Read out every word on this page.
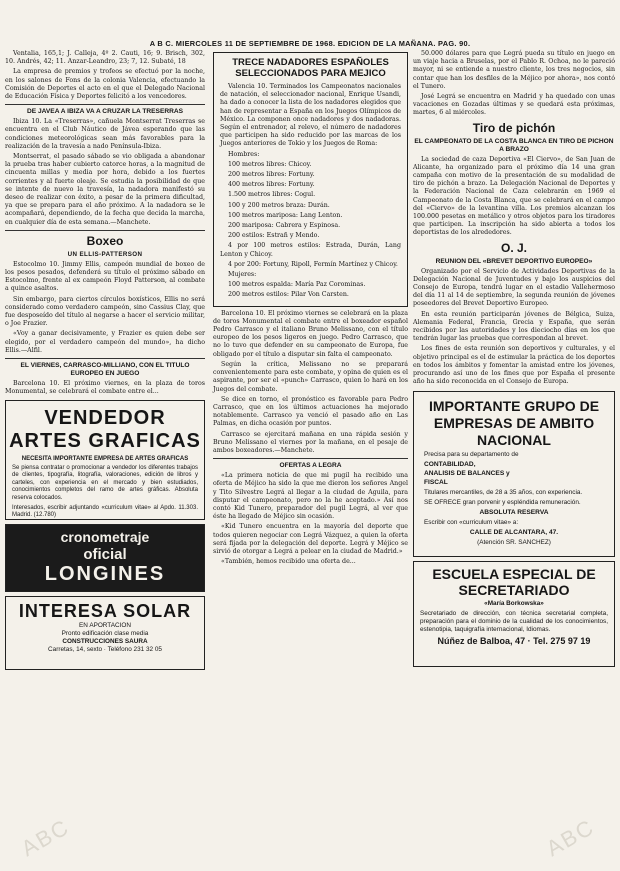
A B C. MIERCOLES 11 DE SEPTIEMBRE DE 1968. EDICION DE LA MAÑANA. PAG. 90.

Ventalia, 165,1; J. Calleja, 4º 2. Cauti, 16; 9. Brisch, 302, 10. Andrés, 42; 11. Anzar-Leandro, 23; 7, 12. Subaté, 18

La empresa de premios y trofeos se efectuó por la noche, en los salones de Fons de la colonia Valencia, efectuando la Comisión de Deportes el acto en el que el Delegado Nacional de Educación Física y Deportes felicitó a los vencedores.

DE JAVEA A IBIZA VA A CRUZAR LA TRESERRAS

Ibiza 10. La «Treserras», cañuela Montserrat Treserras se encuentra en el Club Náutico de Jávea esperando que las condiciones meteorológicas sean más favorables para la realización de la travesía a nado Península-Ibiza.

Montserrat, el pasado sábado se vio obligada a abandonar la prueba tras haber cubierto catorce horas, a la magnitud de cincuenta millas y media por hora, debido a los fuertes corrientes y al fuerte oleaje. Se estudia la posibilidad de que se intente de nuevo la travesía, la nadadora manifestó su deseo de realizar con éxito, a pesar de la primera dificultad, ya que se prepara para el año próximo. A la nadadora se le acompañará, dependiendo, de la fecha que decida la marcha, en cualquier día de esta semana.—Manchete.

Boxeo
UN ELLIS-PATTERSON

Estocolmo 10. Jimmy Ellis, campeón mundial de boxeo de los pesos pesados, defenderá su título el próximo sábado en Estocolmo, frente al ex campeón Floyd Patterson, al combate a quince asaltos.

Sin embargo, para ciertos círculos boxísticos, Ellis no será considerado como verdadero campeón, sino Cassius Clay, que fue desposeído del título al negarse a hacer el servicio militar, o Joe Frazier.

«Voy a ganar decisivamente, y Frazier es quien debe ser elegido, por el verdadero campeón del mundo», ha dicho Ellis.—Alfil.

EL VIERNES, CARRASCO-MILLIANO, CON EL TITULO EUROPEO EN JUEGO

Barcelona 10. El próximo viernes, en la plaza de toros Monumental, se celebrará el combate entre el...

VENDEDOR ARTES GRAFICAS
NECESITA IMPORTANTE EMPRESA DE ARTES GRAFICAS
Se piensa contratar o promocionar a vendedor los diferentes trabajos de clientes, tipografía, litografía, valoraciones, edición de libros y carteles, con experiencia en el mercado y bien estudiados, conocimientos completos del ramo de artes gráficas. Absoluta reserva colocados.
Interesados, escribir adjuntando «curriculum vitae» al Apdo. 11.303. Madrid. (12.780)
cronometraje
oficial
LONGINES
INTERESA SOLAR
EN APORTACION
Pronto edificación clase media
CONSTRUCCIONES SAURA
Carretas, 14, sexto · Teléfono 231 32 05
TRECE NADADORES ESPAÑOLES SELECCIONADOS PARA MEJICO

Valencia 10. Terminados los Campeonatos nacionales de natación, el seleccionador nacional, Enrique Usandi, ha dado a conocer la lista de los nadadores elegidos que han de representar a España en los Juegos Olímpicos de México. La componen once nadadores y dos nadadoras. Según el entrenador, al relevo, el número de nadadores que participen ha sido reducido por las marcas de los Juegos anteriores de Tokio y los Juegos de Roma:

Hombres:

100 metros libres: Chicoy.

200 metros libres: Fortuny.

400 metros libres: Fortuny.

1.500 metros libres: Cogul.

100 y 200 metros braza: Durán.

100 metros mariposa: Lang Lenton.

200 mariposa: Cabrera y Espinosa.

200 estilos: Estrañ y Mendo.

4 por 100 metros estilos: Estrada, Durán, Lang Lenton y Chicoy.

4 por 200: Fortuny, Ripoll, Fermín Martínez y Chicoy.

Mujeres:

100 metros espalda: María Paz Corominas.

200 metros estilos: Pilar Von Carsten.

Barcelona 10. El próximo viernes se celebrará en la plaza de toros Monumental el combate entre el boxeador español Pedro Carrasco y el italiano Bruno Melissano, con el título europeo de los pesos ligeros en juego. Pedro Carrasco, que no lo tuvo que defender en su campeonato de Europa, fue obligado por el título a disputar sin falta el campeonato.

Según la crítica, Melissano no se preparará convenientemente para este combate, y opina de quien es el aspirante, por ser el «punch» Carrasco, quien lo hará en los Juegos del combate.

Se dice en torno, el pronóstico es favorable para Pedro Carrasco, que en los últimos actuaciones ha mejorado notablemente. Carrasco ya venció el pasado año en Las Palmas, en dicha ocasión por puntos.

Carrasco se ejercitará mañana en una rápida sesión y Bruno Melissano el viernes por la mañana, en el pesaje de ambos boxeadores.—Manchete.

OFERTAS A LEGRA

«La primera noticia de que mi pugil ha recibido una oferta de Méjico ha sido la que me dieron los señores Angel y Tito Silvestre Legrá al llegar a la ciudad de Aguila, para disputar el campeonato, pero no la he aceptado.» Así nos contó Kid Tunero, preparador del pugil Legrá, al ver que éste ha llegado de Méjico sin ocasión.

«Kid Tunero encuentra en la mayoría del deporte que todos quieren negociar con Legrá Vázquez, a quien la oferta será fijada por la delegación del deporte. Legrá y Méjico se sirvió de otorgar a Legrá a pelear en la ciudad de Madrid.»

«También, hemos recibido una oferta de...

50.000 dólares para que Legrá pueda su título en juego en un viaje hacia a Bruselas, por el Pablo R. Ochoa, no le pareció mayor, ni se entiende a nuestro cliente, los tres negocios, sin contar que han los desfiles de la Méjico por ahora», nos contó el Tunero.

José Legrá se encuentra en Madrid y ha quedado con unas vacaciones en Gozadas últimas y se quedará esta próximas, martes, 6 al miércoles.

Tiro de pichón
EL CAMPEONATO DE LA COSTA BLANCA EN TIRO DE PICHON A BRAZO

La sociedad de caza Deportiva «El Ciervo», de San Juan de Alicante, ha organizado para el próximo día 14 una gran campaña con motivo de la presentación de su modalidad de tiro de pichón a brazo. La Delegación Nacional de Deportes y la Federación Nacional de Caza celebrarán en 1969 el Campeonato de la Costa Blanca, que se celebrará en el campo del «Ciervo» de la levantina villa. Los premios alcanzan los 100.000 pesetas en metálico y otros objetos para los tiradores que participen. La inscripción ha sido abierta a todos los deportistas de los alrededores.

O. J.
REUNION DEL «BREVET DEPORTIVO EUROPEO»

Organizado por el Servicio de Actividades Deportivas de la Delegación Nacional de Juventudes y bajo los auspicios del Consejo de Europa, tendrá lugar en el estadio Vallehermoso del día 11 al 14 de septiembre, la segunda reunión de jóvenes poseedores del Brevet Deportivo Europeo.

En esta reunión participarán jóvenes de Bélgica, Suiza, Alemania Federal, Francia, Grecia y España, que serán recibidos por las autoridades y los dieciocho días en los que tendrán lugar las pruebas que correspondan al brevet.

Los fines de esta reunión son deportivos y culturales, y el objetivo principal es el de estimular la práctica de los deportes en todos los ámbitos y fomentar la amistad entre los jóvenes, procurando así uno de los fines que por España el presente año ha sido reconocida en el Consejo de Europa.

IMPORTANTE GRUPO DE EMPRESAS DE AMBITO NACIONAL
Precisa para su departamento de
CONTABILIDAD,
ANALISIS DE BALANCES y
FISCAL
Titulares mercantiles, de 28 a 35 años, con experiencia.
SE OFRECE gran porvenir y espléndida remuneración.
ABSOLUTA RESERVA
Escribir con «curriculum vitae» a:
CALLE DE ALCANTARA, 47.
(Atención SR. SANCHEZ)
ESCUELA ESPECIAL DE SECRETARIADO
«María Borkowska»
Secretariado de dirección, con técnica secretarial completa, preparación para el dominio de la cualidad de los conocimientos, estenotipia, taquigrafía internacional, Idiomas.
Núñez de Balboa, 47 · Tel. 275 97 19
ABC	ABC
